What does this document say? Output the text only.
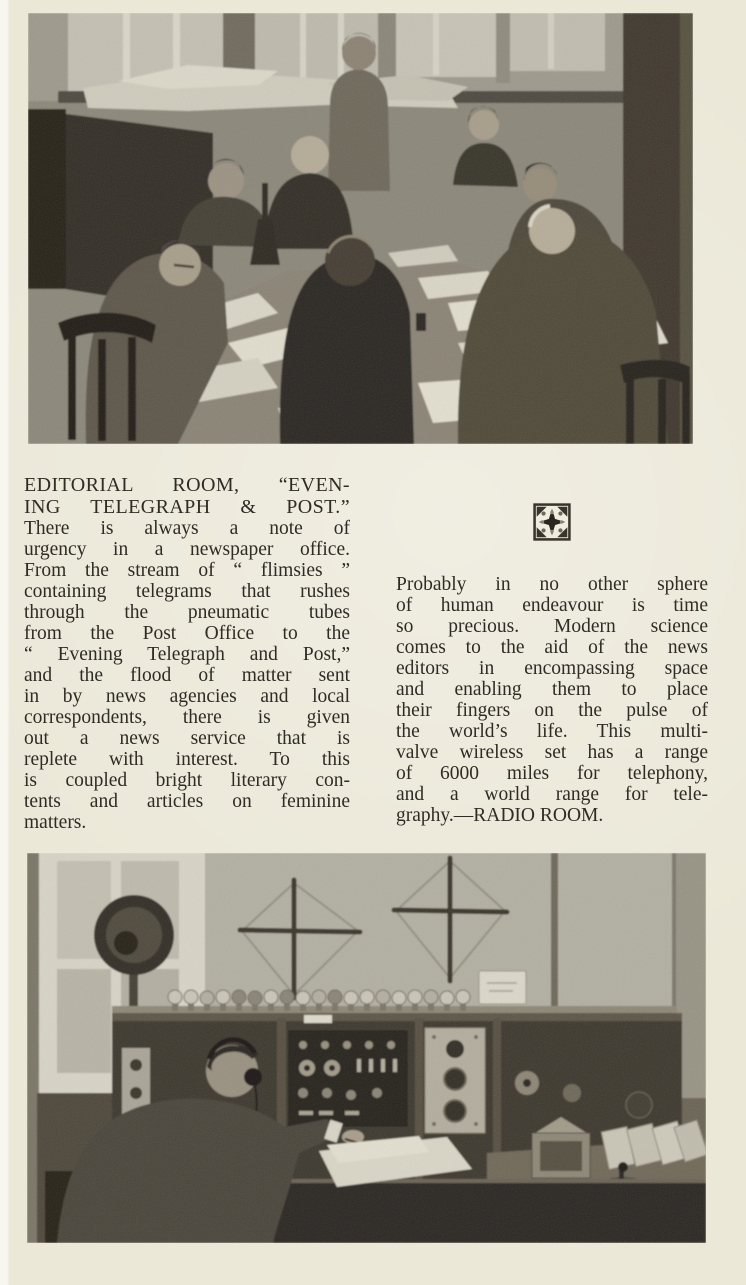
EDITORIAL ROOM, “EVEN-
ING TELEGRAPH & POST.”
There is always a note of
urgency in a newspaper office.
From the stream of “ flimsies ”
containing telegrams that rushes
through the pneumatic tubes
from the Post Office to the
“ Evening Telegraph and Post,”
and the flood of matter sent
in by news agencies and local
correspondents, there is given
out a news service that is
replete with interest. To this
is coupled bright literary con-
tents and articles on feminine
matters.
Probably in no other sphere
of human endeavour is time
so precious. Modern science
comes to the aid of the news
editors in encompassing space
and enabling them to place
their fingers on the pulse of
the world’s life. This multi-
valve wireless set has a range
of 6000 miles for telephony,
and a world range for tele-
graphy.—RADIO ROOM.
